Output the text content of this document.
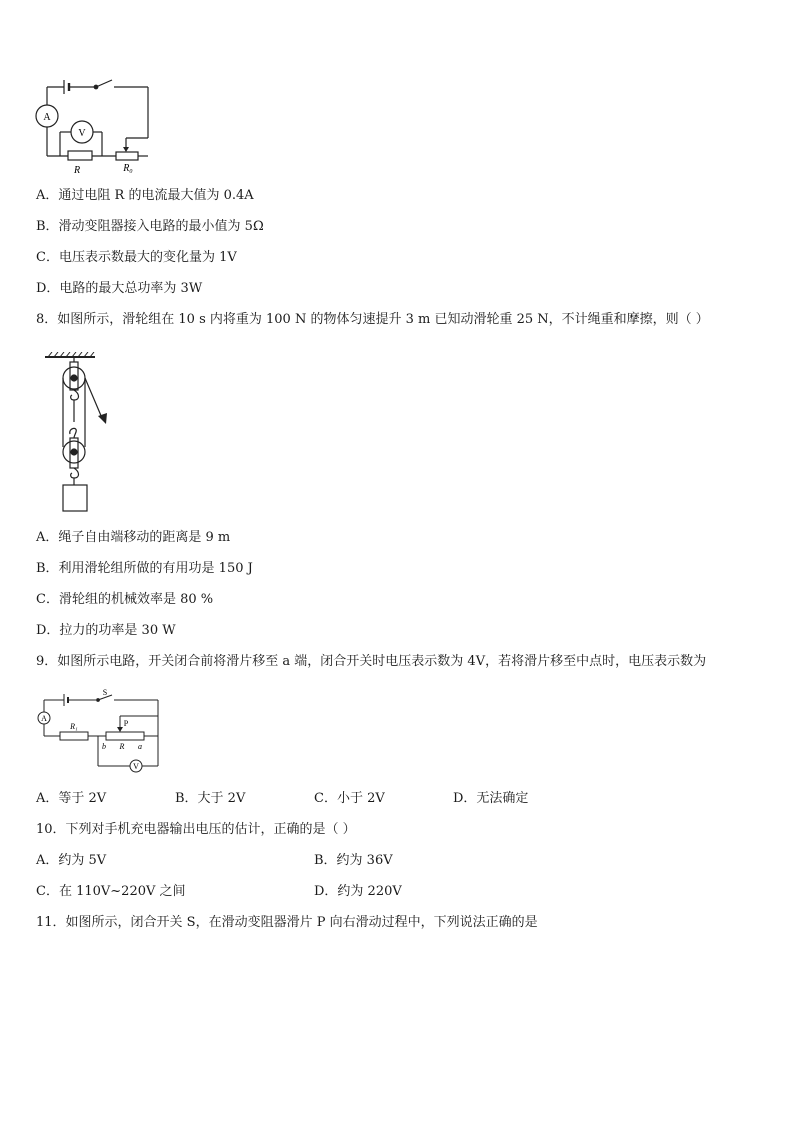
A
V
R	R₀
A．通过电阻 R 的电流最大值为 0.4A
B．滑动变阻器接入电路的最小值为 5Ω
C．电压表示数最大的变化量为 1V
D．电路的最大总功率为 3W
8．如图所示，滑轮组在 10 s 内将重为 100 N 的物体匀速提升 3 m 已知动滑轮重 25 N，不计绳重和摩擦，则（ ）
A．绳子自由端移动的距离是 9 m
B．利用滑轮组所做的有用功是 150 J
C．滑轮组的机械效率是 80 %
D．拉力的功率是 30 W
9．如图所示电路，开关闭合前将滑片移至 a 端，闭合开关时电压表示数为 4V，若将滑片移至中点时，电压表示数为
A
V
S
R₁	P
b R a
A．等于 2V	B．大于 2V	C．小于 2V	D．无法确定
10．下列对手机充电器输出电压的估计，正确的是（ ）
A．约为 5V	B．约为 36V
C．在 110V~220V 之间	D．约为 220V
11．如图所示，闭合开关 S，在滑动变阻器滑片 P 向右滑动过程中，下列说法正确的是
